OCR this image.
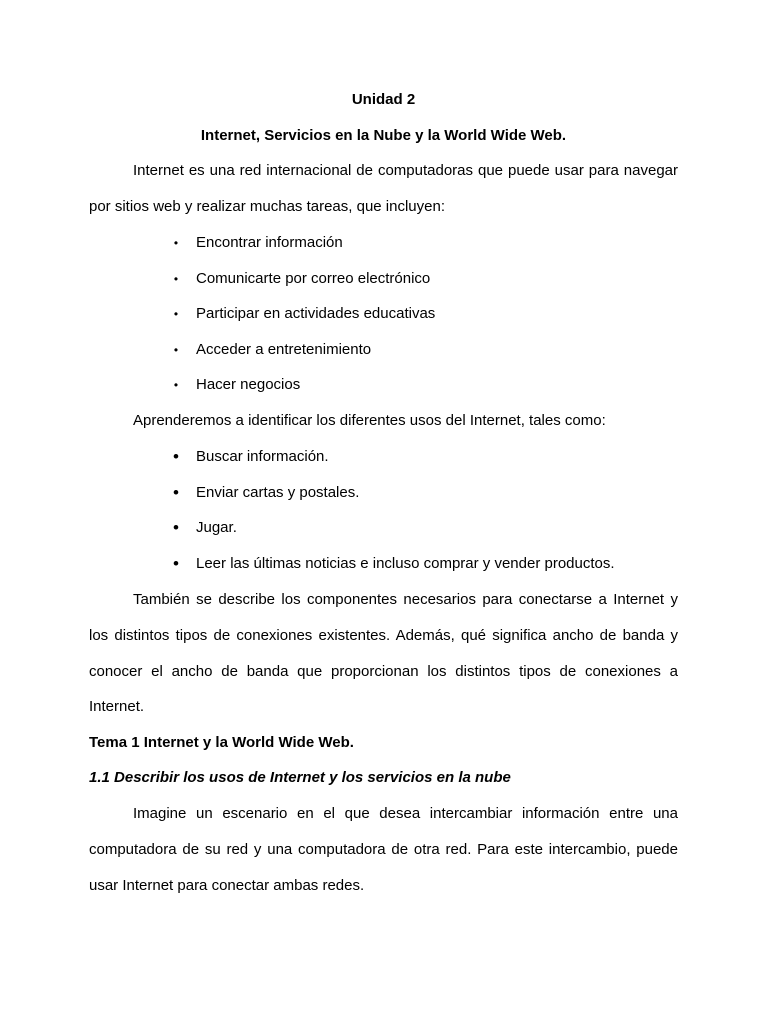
Unidad 2
Internet, Servicios en la Nube y la World Wide Web.
Internet es una red internacional de computadoras que puede usar para navegar
por sitios web y realizar muchas tareas, que incluyen:
• Encontrar información
• Comunicarte por correo electrónico
• Participar en actividades educativas
• Acceder a entretenimiento
• Hacer negocios
Aprenderemos a identificar los diferentes usos del Internet, tales como:
• Buscar información.
• Enviar cartas y postales.
• Jugar.
• Leer las últimas noticias e incluso comprar y vender productos.
También se describe los componentes necesarios para conectarse a Internet y
los distintos tipos de conexiones existentes. Además, qué significa ancho de banda y
conocer el ancho de banda que proporcionan los distintos tipos de conexiones a
Internet.
Tema 1 Internet y la World Wide Web.
1.1 Describir los usos de Internet y los servicios en la nube
Imagine un escenario en el que desea intercambiar información entre una
computadora de su red y una computadora de otra red. Para este intercambio, puede
usar Internet para conectar ambas redes.
